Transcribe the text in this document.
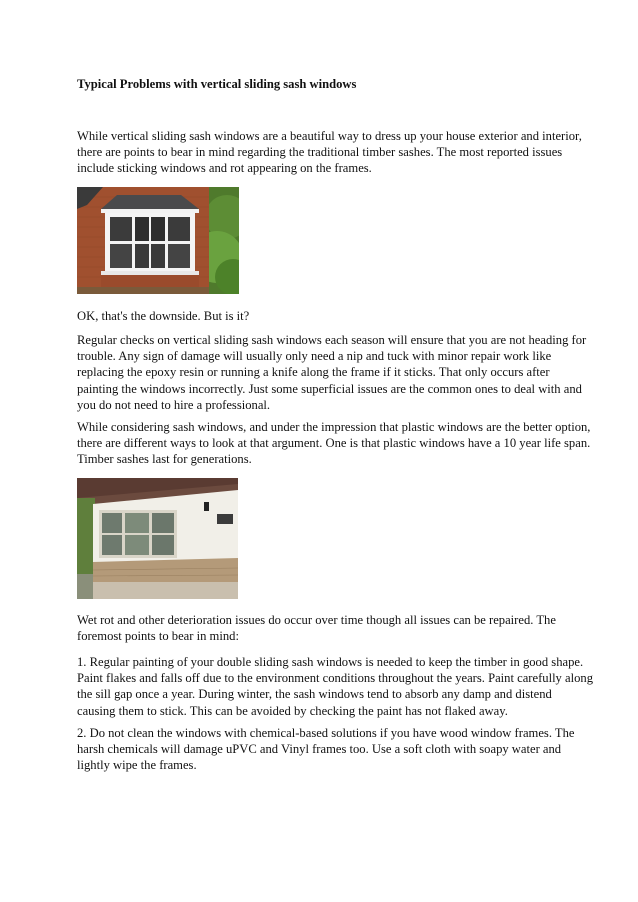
Typical Problems with vertical sliding sash windows

While vertical sliding sash windows are a beautiful way to dress up your house exterior and interior,
there are points to bear in mind regarding the traditional timber sashes. The most reported issues
include sticking windows and rot appearing on the frames.

OK, that's the downside. But is it?

Regular checks on vertical sliding sash windows each season will ensure that you are not heading for
trouble. Any sign of damage will usually only need a nip and tuck with minor repair work like
replacing the epoxy resin or running a knife along the frame if it sticks. That only occurs after
painting the windows incorrectly. Just some superficial issues are the common ones to deal with and
you do not need to hire a professional.

While considering sash windows, and under the impression that plastic windows are the better option,
there are different ways to look at that argument. One is that plastic windows have a 10 year life span.
Timber sashes last for generations.

Wet rot and other deterioration issues do occur over time though all issues can be repaired. The
foremost points to bear in mind:

1. Regular painting of your double sliding sash windows is needed to keep the timber in good shape.
Paint flakes and falls off due to the environment conditions throughout the years. Paint carefully along
the sill gap once a year. During winter, the sash windows tend to absorb any damp and distend
causing them to stick. This can be avoided by checking the paint has not flaked away.

2. Do not clean the windows with chemical-based solutions if you have wood window frames. The
harsh chemicals will damage uPVC and Vinyl frames too. Use a soft cloth with soapy water and
lightly wipe the frames.
